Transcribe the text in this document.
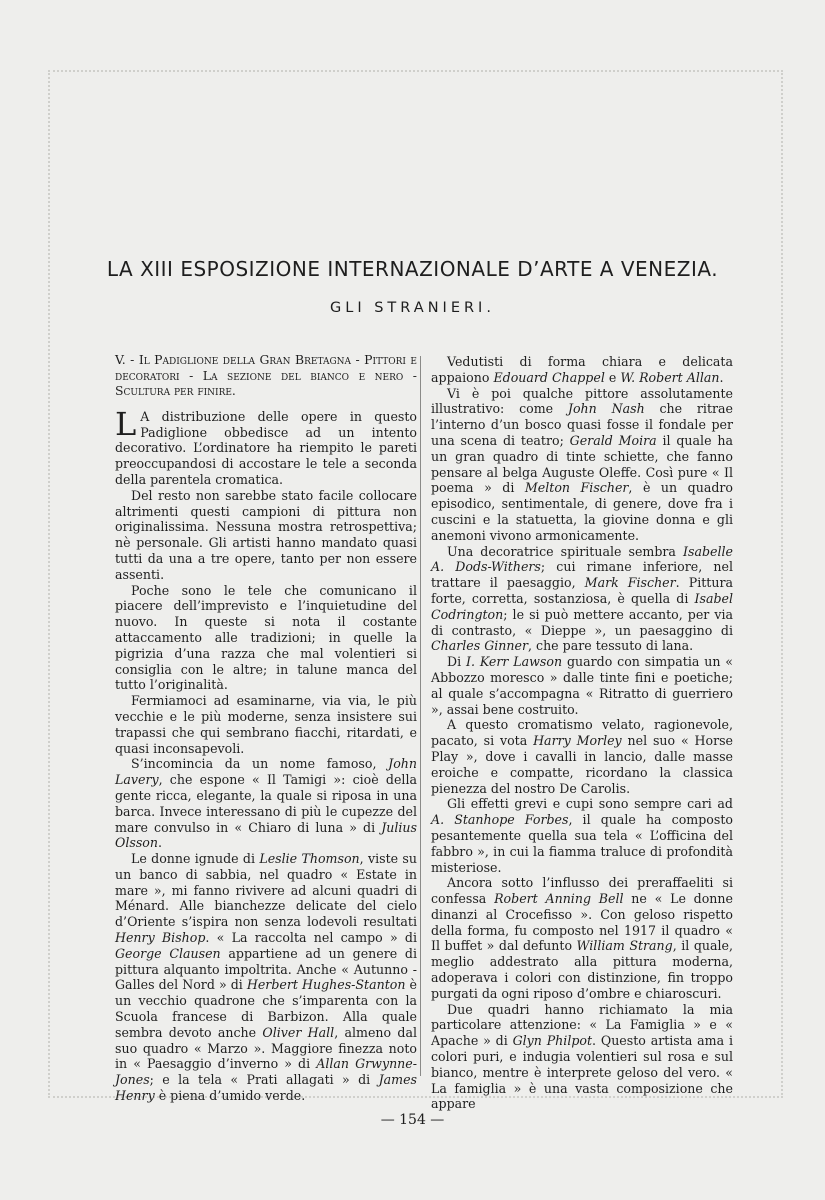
LA XIII ESPOSIZIONE INTERNAZIONALE D’ARTE A VENEZIA.
GLI STRANIERI.

V. - Il Padiglione della Gran Bretagna - Pittori e decoratori - La sezione del bianco e nero - Scultura per finire.

L A distribuzione delle opere in questo Padiglione obbedisce ad un intento decorativo. L’ordinatore ha riempito le pareti preoccupandosi di accostare le tele a seconda della parentela cromatica.

Del resto non sarebbe stato facile collocare altrimenti questi campioni di pittura non originalissima. Nessuna mostra retrospettiva; nè personale. Gli artisti hanno mandato quasi tutti da una a tre opere, tanto per non essere assenti.

Poche sono le tele che comunicano il piacere dell’imprevisto e l’inquietudine del nuovo. In queste si nota il costante attaccamento alle tradizioni; in quelle la pigrizia d’una razza che mal volentieri si consiglia con le altre; in talune manca del tutto l’originalità.

Fermiamoci ad esaminarne, via via, le più vecchie e le più moderne, senza insistere sui trapassi che qui sembrano fiacchi, ritardati, e quasi inconsapevoli.

S’incomincia da un nome famoso, John Lavery, che espone « Il Tamigi »: cioè della gente ricca, elegante, la quale si riposa in una barca. Invece interessano di più le cupezze del mare convulso in « Chiaro di luna » di Julius Olsson.

Le donne ignude di Leslie Thomson, viste su un banco di sabbia, nel quadro « Estate in mare », mi fanno rivivere ad alcuni quadri di Ménard. Alle bianchezze delicate del cielo d’Oriente s’ispira non senza lodevoli resultati Henry Bishop. « La raccolta nel campo » di George Clausen appartiene ad un genere di pittura alquanto impoltrita. Anche « Autunno - Galles del Nord » di Herbert Hughes-Stanton è un vecchio quadrone che s’imparenta con la Scuola francese di Barbizon. Alla quale sembra devoto anche Oliver Hall, almeno dal suo quadro « Marzo ». Maggiore finezza noto in « Paesaggio d’inverno » di Allan Grwynne-Jones; e la tela « Prati allagati » di James Henry è piena d’umido verde.

Vedutisti di forma chiara e delicata appaiono Edouard Chappel e W. Robert Allan.

Vi è poi qualche pittore assolutamente illustrativo: come John Nash che ritrae l’interno d’un bosco quasi fosse il fondale per una scena di teatro; Gerald Moira il quale ha un gran quadro di tinte schiette, che fanno pensare al belga Auguste Oleffe. Così pure « Il poema » di Melton Fischer, è un quadro episodico, sentimentale, di genere, dove fra i cuscini e la statuetta, la giovine donna e gli anemoni vivono armonicamente.

Una decoratrice spirituale sembra Isabelle A. Dods-Withers; cui rimane inferiore, nel trattare il paesaggio, Mark Fischer. Pittura forte, corretta, sostanziosa, è quella di Isabel Codrington; le si può mettere accanto, per via di contrasto, « Dieppe », un paesaggino di Charles Ginner, che pare tessuto di lana.

Di I. Kerr Lawson guardo con simpatia un « Abbozzo moresco » dalle tinte fini e poetiche; al quale s’accompagna « Ritratto di guerriero », assai bene costruito.

A questo cromatismo velato, ragionevole, pacato, si vota Harry Morley nel suo « Horse Play », dove i cavalli in lancio, dalle masse eroiche e compatte, ricordano la classica pienezza del nostro De Carolis.

Gli effetti grevi e cupi sono sempre cari ad A. Stanhope Forbes, il quale ha composto pesantemente quella sua tela « L’officina del fabbro », in cui la fiamma traluce di profondità misteriose.

Ancora sotto l’influsso dei preraffaeliti si confessa Robert Anning Bell ne « Le donne dinanzi al Crocefisso ». Con geloso rispetto della forma, fu composto nel 1917 il quadro « Il buffet » dal defunto William Strang, il quale, meglio addestrato alla pittura moderna, adoperava i colori con distinzione, fin troppo purgati da ogni riposo d’ombre e chiaroscuri.

Due quadri hanno richiamato la mia particolare attenzione: « La Famiglia » e « Apache » di Glyn Philpot. Questo artista ama i colori puri, e indugia volentieri sul rosa e sul bianco, mentre è interprete geloso del vero. « La famiglia » è una vasta composizione che appare

— 154 —
